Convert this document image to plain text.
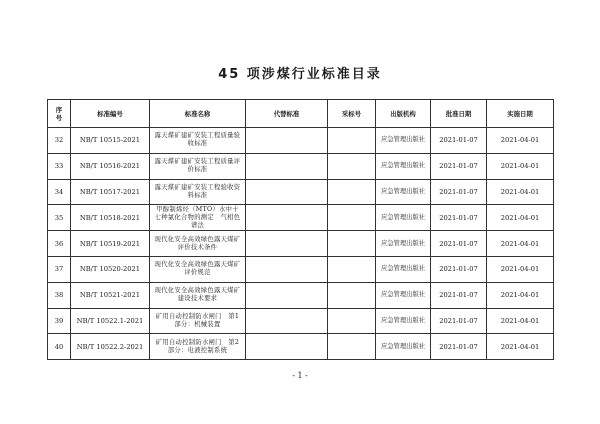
45 项涉煤行业标准目录
序号	标准编号	标准名称	代替标准	采标号	出版机构	批准日期	实施日期
32	NB/T 10515-2021	露天煤矿建矿安装工程质量验收标准			应急管理出版社	2021-01-07	2021-04-01
33	NB/T 10516-2021	露天煤矿建矿安装工程质量评价标准			应急管理出版社	2021-01-07	2021-04-01
34	NB/T 10517-2021	露天煤矿建矿安装工程验收资料标准			应急管理出版社	2021-01-07	2021-04-01
35	NB/T 10518-2021	甲醇制烯烃（MTO）水中十七种氯化合物的测定　气相色谱法			应急管理出版社	2021-01-07	2021-04-01
36	NB/T 10519-2021	现代化安全高效绿色露天煤矿评价技术条件			应急管理出版社	2021-01-07	2021-04-01
37	NB/T 10520-2021	现代化安全高效绿色露天煤矿评价规范			应急管理出版社	2021-01-07	2021-04-01
38	NB/T 10521-2021	现代化安全高效绿色露天煤矿建设技术要求			应急管理出版社	2021-01-07	2021-04-01
39	NB/T 10522.1-2021	矿用自动控制防水闸门　第1部分：机械装置			应急管理出版社	2021-01-07	2021-04-01
40	NB/T 10522.2-2021	矿用自动控制防水闸门　第2部分：电液控制系统			应急管理出版社	2021-01-07	2021-04-01
- 1 -
